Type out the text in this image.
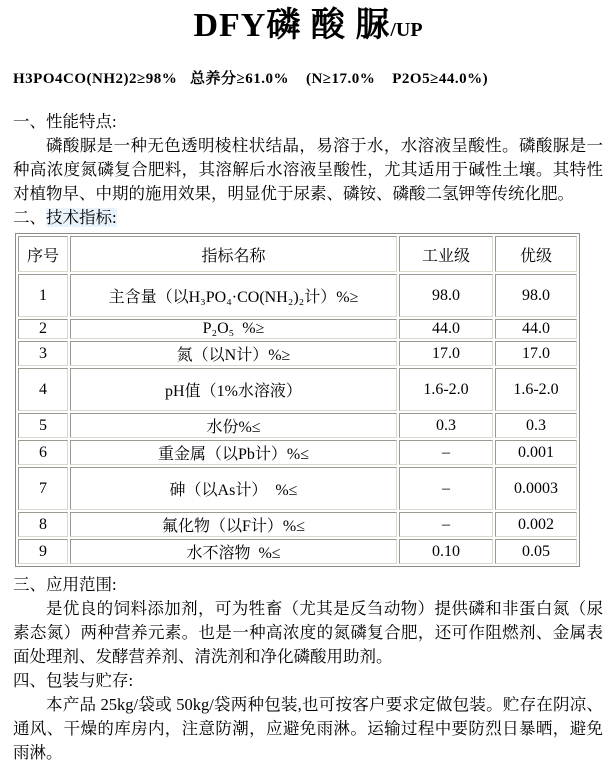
DFY磷 酸 脲/UP
H3PO4CO(NH2)2≥98%   总养分≥61.0%    (N≥17.0%    P2O5≥44.0%)
一、性能特点:
磷酸脲是一种无色透明棱柱状结晶，易溶于水，水溶液呈酸性。磷酸脲是一种高浓度氮磷复合肥料，其溶解后水溶液呈酸性，尤其适用于碱性土壤。其特性对植物早、中期的施用效果，明显优于尿素、磷铵、磷酸二氢钾等传统化肥。
二、技术指标:
序号	指标名称	工业级	优级
1	主含量（以H₃PO₄·CO(NH₂)₂计）%≥	98.0	98.0
2	P₂O₅  %≥	44.0	44.0
3	氮（以N计）%≥	17.0	17.0
4	pH值（1%水溶液）	1.6-2.0	1.6-2.0
5	水份%≤	0.3	0.3
6	重金属（以Pb计）%≤	–	0.001
7	砷（以As计）  %≤	–	0.0003
8	氟化物（以F计）%≤	–	0.002
9	水不溶物  %≤	0.10	0.05
三、应用范围:
是优良的饲料添加剂，可为牲畜（尤其是反刍动物）提供磷和非蛋白氮（尿素态氮）两种营养元素。也是一种高浓度的氮磷复合肥，还可作阻燃剂、金属表面处理剂、发酵营养剂、清洗剂和净化磷酸用助剂。
四、包装与贮存:
本产品 25kg/袋或 50kg/袋两种包装,也可按客户要求定做包装。贮存在阴凉、通风、干燥的库房内，注意防潮，应避免雨淋。运输过程中要防烈日暴晒，避免雨淋。
